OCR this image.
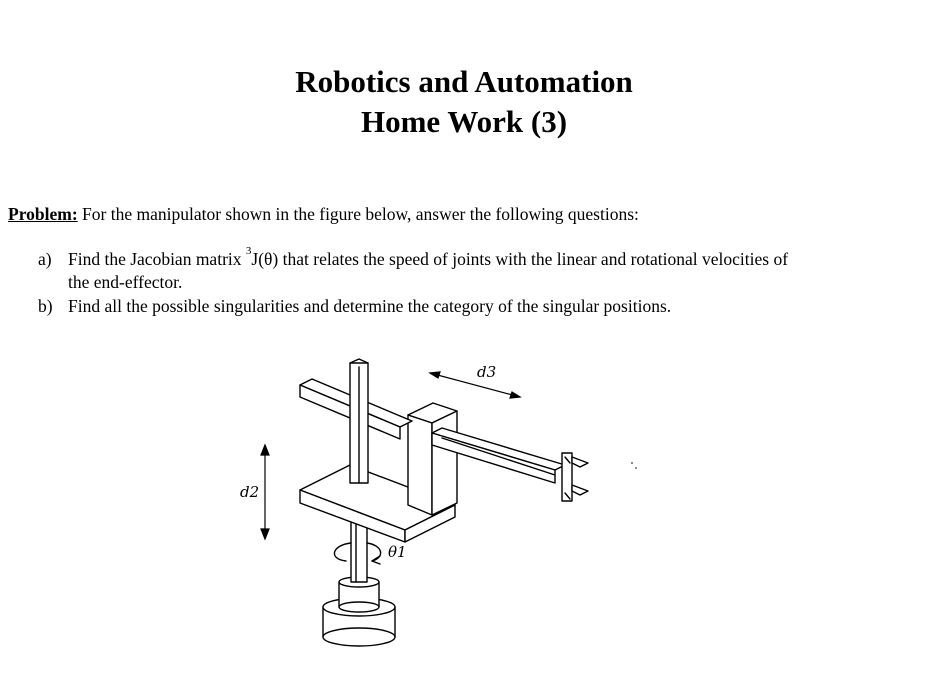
Robotics and Automation
Home Work (3)
Problem: For the manipulator shown in the figure below, answer the following questions:
a) Find the Jacobian matrix $^3$J(θ) that relates the speed of joints with the linear and rotational velocities of
the end-effector.
b) Find all the possible singularities and determine the category of the singular positions.
d3
d2
θ1
